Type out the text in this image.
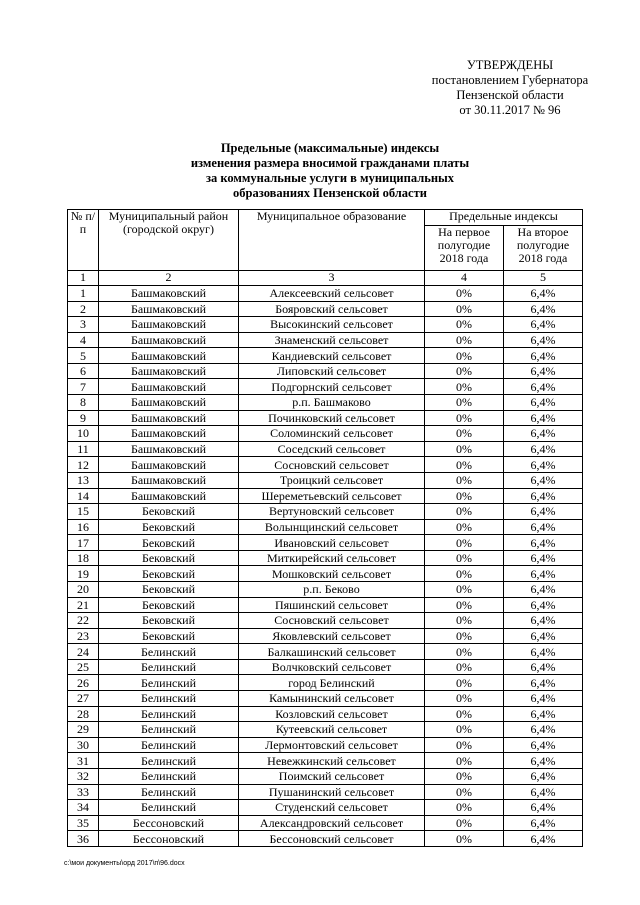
УТВЕРЖДЕНЫ
постановлением Губернатора
Пензенской области
от 30.11.2017 № 96
Предельные (максимальные) индексы
изменения размера вносимой гражданами платы
за коммунальные услуги в муниципальных
образованиях Пензенской области
№ п/п	Муниципальный район (городской округ)	Муниципальное образование	Предельные индексы	
			На первое полугодие 2018 года	На второе полугодие 2018 года
1	2	3	4	5
1	Башмаковский	Алексеевский сельсовет	0%	6,4%
2	Башмаковский	Бояровский сельсовет	0%	6,4%
3	Башмаковский	Высокинский сельсовет	0%	6,4%
4	Башмаковский	Знаменский сельсовет	0%	6,4%
5	Башмаковский	Кандиевский сельсовет	0%	6,4%
6	Башмаковский	Липовский сельсовет	0%	6,4%
7	Башмаковский	Подгорнский сельсовет	0%	6,4%
8	Башмаковский	р.п. Башмаково	0%	6,4%
9	Башмаковский	Починковский сельсовет	0%	6,4%
10	Башмаковский	Соломинский сельсовет	0%	6,4%
11	Башмаковский	Соседский сельсовет	0%	6,4%
12	Башмаковский	Сосновский сельсовет	0%	6,4%
13	Башмаковский	Троицкий сельсовет	0%	6,4%
14	Башмаковский	Шереметьевский сельсовет	0%	6,4%
15	Бековский	Вертуновский сельсовет	0%	6,4%
16	Бековский	Волынщинский сельсовет	0%	6,4%
17	Бековский	Ивановский сельсовет	0%	6,4%
18	Бековский	Миткирейский сельсовет	0%	6,4%
19	Бековский	Мошковский сельсовет	0%	6,4%
20	Бековский	р.п. Беково	0%	6,4%
21	Бековский	Пяшинский сельсовет	0%	6,4%
22	Бековский	Сосновский сельсовет	0%	6,4%
23	Бековский	Яковлевский сельсовет	0%	6,4%
24	Белинский	Балкашинский сельсовет	0%	6,4%
25	Белинский	Волчковский сельсовет	0%	6,4%
26	Белинский	город Белинский	0%	6,4%
27	Белинский	Камынинский сельсовет	0%	6,4%
28	Белинский	Козловский сельсовет	0%	6,4%
29	Белинский	Кутеевский сельсовет	0%	6,4%
30	Белинский	Лермонтовский сельсовет	0%	6,4%
31	Белинский	Невежкинский сельсовет	0%	6,4%
32	Белинский	Поимский сельсовет	0%	6,4%
33	Белинский	Пушанинский сельсовет	0%	6,4%
34	Белинский	Студенский сельсовет	0%	6,4%
35	Бессоновский	Александровский сельсовет	0%	6,4%
36	Бессоновский	Бессоновский сельсовет	0%	6,4%
c:\мои документы\орд 2017\п\96.docx
